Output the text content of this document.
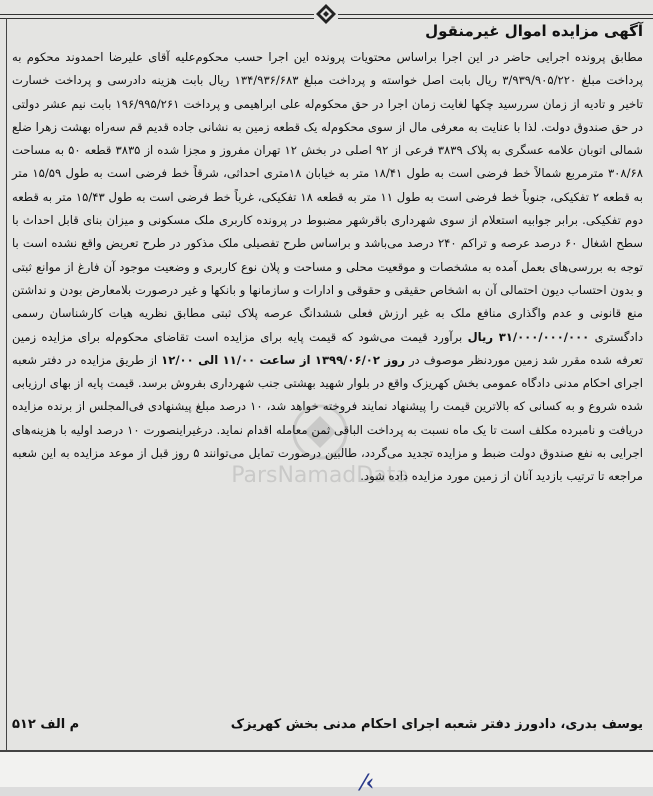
آگهی مزایده اموال غیرمنقول
ParsNamadData

مطابق پرونده اجرایی حاضر در این اجرا براساس محتویات پرونده این اجرا حسب محکوم‌علیه آقای علیرضا احمدوند محکوم به پرداخت مبلغ ۳/۹۳۹/۹۰۵/۲۲۰ ریال بابت اصل خواسته و پرداخت مبلغ ۱۳۴/۹۳۶/۶۸۳ ریال بابت هزینه دادرسی و پرداخت خسارت تاخیر و تادیه از زمان سررسید چکها لغایت زمان اجرا در حق محکوم‌له علی ابراهیمی و پرداخت ۱۹۶/۹۹۵/۲۶۱ بابت نیم عشر دولتی در حق صندوق دولت. لذا با عنایت به معرفی مال از سوی محکوم‌له یک قطعه زمین به نشانی جاده قدیم قم سه‌راه بهشت زهرا ضلع شمالی اتوبان علامه عسگری به پلاک ۳۸۳۹ فرعی از ۹۲ اصلی در بخش ۱۲ تهران مفروز و مجزا شده از ۳۸۳۵ قطعه ۵۰ به مساحت ۳۰۸/۶۸ مترمربع شمالاً خط فرضی است به طول ۱۸/۴۱ متر به خیابان ۱۸متری احداثی، شرقاً خط فرضی است به طول ۱۵/۵۹ متر به قطعه ۲ تفکیکی، جنوباً خط فرضی است به طول ۱۱ متر به قطعه ۱۸ تفکیکی، غرباً خط فرضی است به طول ۱۵/۴۳ متر به قطعه دوم تفکیکی. برابر جوابیه استعلام از سوی شهرداری باقرشهر مضبوط در پرونده کاربری ملک مسکونی و میزان بنای قابل احداث با سطح اشغال ۶۰ درصد عرصه و تراکم ۲۴۰ درصد می‌باشد و براساس طرح تفصیلی ملک مذکور در طرح تعریض واقع نشده است با توجه به بررسی‌های بعمل آمده به مشخصات و موقعیت محلی و مساحت و پلان نوع کاربری و وضعیت موجود آن فارغ از موانع ثبتی و بدون احتساب دیون احتمالی آن به اشخاص حقیقی و حقوقی و ادارات و سازمانها و بانکها و غیر درصورت بلامعارض بودن و نداشتن منع قانونی و عدم واگذاری منافع ملک به غیر ارزش فعلی ششدانگ عرصه پلاک ثبتی مطابق نظریه هیات کارشناسان رسمی دادگستری ۳۱/۰۰۰/۰۰۰/۰۰۰ ریال برآورد قیمت می‌شود که قیمت پایه برای مزایده است تقاضای محکوم‌له برای مزایده زمین تعرفه شده مقرر شد زمین موردنظر موصوف در روز ۱۳۹۹/۰۶/۰۲ از ساعت ۱۱/۰۰ الی ۱۲/۰۰ از طریق مزایده در دفتر شعبه اجرای احکام مدنی دادگاه عمومی بخش کهریزک واقع در بلوار شهید بهشتی جنب شهرداری بفروش برسد. قیمت پایه از بهای ارزیابی شده شروع و به کسانی که بالاترین قیمت را پیشنهاد نمایند فروخته خواهد شد، ۱۰ درصد مبلغ پیشنهادی فی‌المجلس از برنده مزایده دریافت و نامبرده مکلف است تا یک ماه نسبت به پرداخت الباقی ثمن معامله اقدام نماید. درغیراینصورت ۱۰ درصد اولیه با هزینه‌های اجرایی به نفع صندوق دولت ضبط و مزایده تجدید می‌گردد، طالبین درصورت تمایل می‌توانند ۵ روز قبل از موعد مزایده به این شعبه مراجعه تا ترتیب بازدید آنان از زمین مورد مزایده داده شود.

یوسف بدری، دادورز دفتر شعبه اجرای احکام مدنی بخش کهریزک
م الف ۵۱۲
⁄‹
